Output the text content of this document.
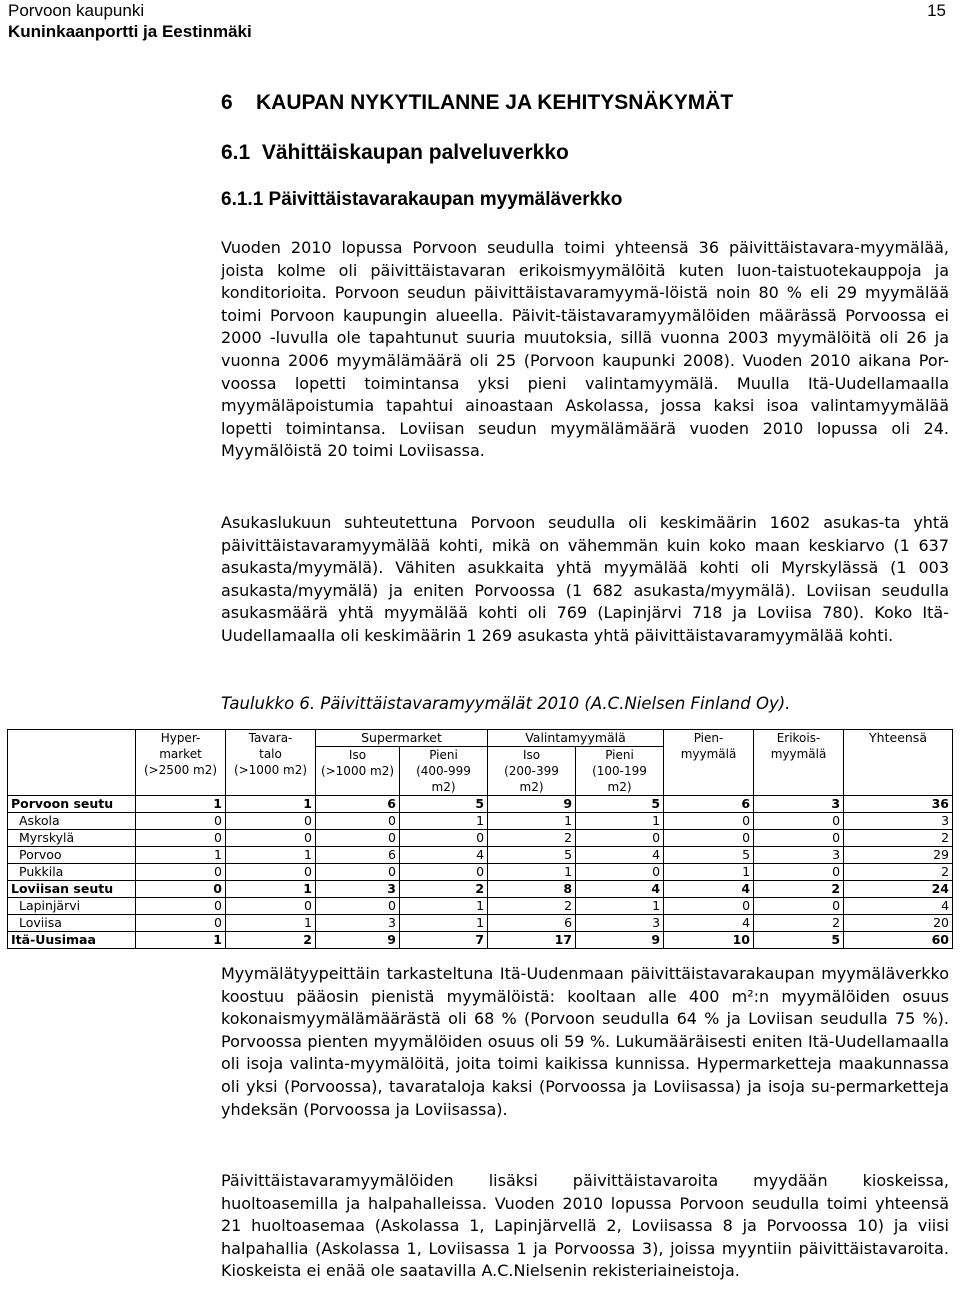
Porvoon kaupunki
Kuninkaanportti ja Eestinmäki
15
6    KAUPAN NYKYTILANNE JA KEHITYSNÄKYMÄT
6.1  Vähittäiskaupan palveluverkko
6.1.1 Päivittäistavarakaupan myymäläverkko

Vuoden 2010 lopussa Porvoon seudulla toimi yhteensä 36 päivittäistavara-myymälää, joista kolme oli päivittäistavaran erikoismyymälöitä kuten luon-taistuotekauppoja ja konditorioita. Porvoon seudun päivittäistavaramyymä-löistä noin 80 % eli 29 myymälää toimi Porvoon kaupungin alueella. Päivit-täistavaramyymälöiden määrässä Porvoossa ei 2000 -luvulla ole tapahtunut suuria muutoksia, sillä vuonna 2003 myymälöitä oli 26 ja vuonna 2006 myymälämäärä oli 25 (Porvoon kaupunki 2008). Vuoden 2010 aikana Por-voossa lopetti toimintansa yksi pieni valintamyymälä. Muulla Itä-Uudellamaalla myymäläpoistumia tapahtui ainoastaan Askolassa, jossa kaksi isoa valintamyymälää lopetti toimintansa. Loviisan seudun myymälämäärä vuoden 2010 lopussa oli 24. Myymälöistä 20 toimi Loviisassa.

Asukaslukuun suhteutettuna Porvoon seudulla oli keskimäärin 1602 asukas-ta yhtä päivittäistavaramyymälää kohti, mikä on vähemmän kuin koko maan keskiarvo (1 637 asukasta/myymälä). Vähiten asukkaita yhtä myymälää kohti oli Myrskylässä (1 003 asukasta/myymälä) ja eniten Porvoossa (1 682 asukasta/myymälä). Loviisan seudulla asukasmäärä yhtä myymälää kohti oli 769 (Lapinjärvi 718 ja Loviisa 780). Koko Itä-Uudellamaalla oli keskimäärin 1 269 asukasta yhtä päivittäistavaramyymälää kohti.

Taulukko 6. Päivittäistavaramyymälät 2010 (A.C.Nielsen Finland Oy).

	Hyper-
market
(>2500 m2)	Tavara-
talo
(>1000 m2)	Supermarket		Valintamyymälä		Pien-
myymälä	Erikois-
myymälä	Yhteensä

			Iso
(>1000 m2)	Pieni
(400-999 m2)	Iso
(200-399 m2)	Pieni
(100-199 m2)			

Porvoon seutu	1	1	6	5	9	5	6	3	36
Askola	0	0	0	1	1	1	0	0	3
Myrskylä	0	0	0	0	2	0	0	0	2
Porvoo	1	1	6	4	5	4	5	3	29
Pukkila	0	0	0	0	1	0	1	0	2
Loviisan seutu	0	1	3	2	8	4	4	2	24
Lapinjärvi	0	0	0	1	2	1	0	0	4
Loviisa	0	1	3	1	6	3	4	2	20
Itä-Uusimaa	1	2	9	7	17	9	10	5	60

Myymälätyypeittäin tarkasteltuna Itä-Uudenmaan päivittäistavarakaupan myymäläverkko koostuu pääosin pienistä myymälöistä: kooltaan alle 400 m²:n myymälöiden osuus kokonaismyymälämäärästä oli 68 % (Porvoon seudulla 64 % ja Loviisan seudulla 75 %). Porvoossa pienten myymälöiden osuus oli 59 %. Lukumääräisesti eniten Itä-Uudellamaalla oli isoja valinta-myymälöitä, joita toimi kaikissa kunnissa. Hypermarketteja maakunnassa oli yksi (Porvoossa), tavarataloja kaksi (Porvoossa ja Loviisassa) ja isoja su-permarketteja yhdeksän (Porvoossa ja Loviisassa).

Päivittäistavaramyymälöiden lisäksi päivittäistavaroita myydään kioskeissa, huoltoasemilla ja halpahalleissa. Vuoden 2010 lopussa Porvoon seudulla toimi yhteensä 21 huoltoasemaa (Askolassa 1, Lapinjärvellä 2, Loviisassa 8 ja Porvoossa 10) ja viisi halpahallia (Askolassa 1, Loviisassa 1 ja Porvoossa 3), joissa myyntiin päivittäistavaroita. Kioskeista ei enää ole saatavilla A.C.Nielsenin rekisteriaineistoja.
